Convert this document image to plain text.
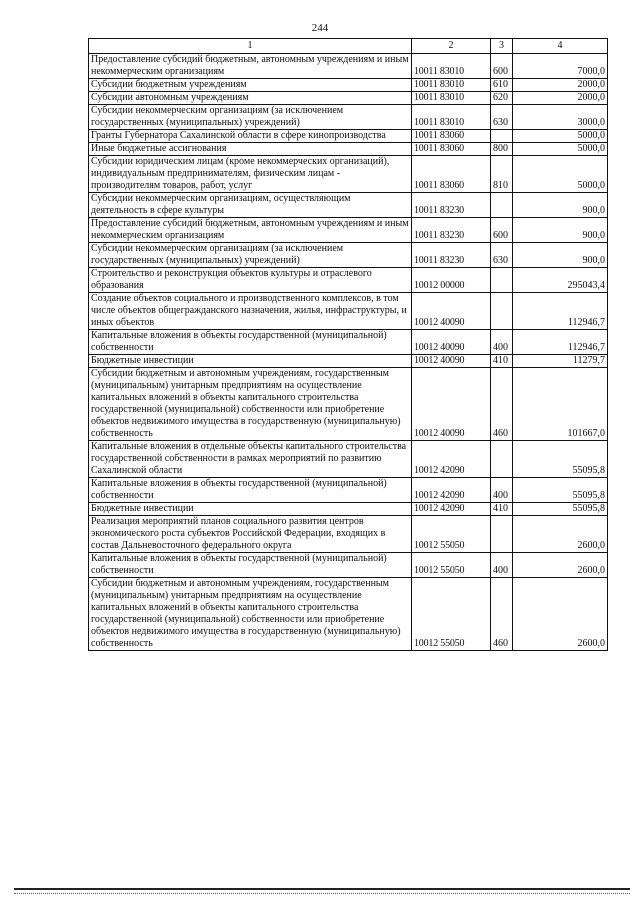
244
1	2	3	4
Предоставление субсидий бюджетным, автономным учреждениям и иным некоммерческим организациям	10011 83010	600	7000,0
Субсидии бюджетным учреждениям	10011 83010	610	2000,0
Субсидии автономным учреждениям	10011 83010	620	2000,0
Субсидии некоммерческим организациям (за исключением государственных (муниципальных) учреждений)	10011 83010	630	3000,0
Гранты Губернатора Сахалинской области в сфере кинопроизводства	10011 83060		5000,0
Иные бюджетные ассигнования	10011 83060	800	5000,0
Субсидии юридическим лицам (кроме некоммерческих организаций), индивидуальным предпринимателям, физическим лицам - производителям товаров, работ, услуг	10011 83060	810	5000,0
Субсидии некоммерческим организациям, осуществляющим деятельность в сфере культуры	10011 83230		900,0
Предоставление субсидий бюджетным, автономным учреждениям и иным некоммерческим организациям	10011 83230	600	900,0
Субсидии некоммерческим организациям (за исключением государственных (муниципальных) учреждений)	10011 83230	630	900,0
Строительство и реконструкция объектов культуры и отраслевого образования	10012 00000		295043,4
Создание объектов социального и производственного комплексов, в том числе объектов общегражданского назначения, жилья, инфраструктуры, и иных объектов	10012 40090		112946,7
Капитальные вложения в объекты государственной (муниципальной) собственности	10012 40090	400	112946,7
Бюджетные инвестиции	10012 40090	410	11279,7
Субсидии бюджетным и автономным учреждениям, государственным (муниципальным) унитарным предприятиям на осуществление капитальных вложений в объекты капитального строительства государственной (муниципальной) собственности или приобретение объектов недвижимого имущества в государственную (муниципальную) собственность	10012 40090	460	101667,0
Капитальные вложения в отдельные объекты капитального строительства государственной собственности в рамках мероприятий по развитию Сахалинской области	10012 42090		55095,8
Капитальные вложения в объекты государственной (муниципальной) собственности	10012 42090	400	55095,8
Бюджетные инвестиции	10012 42090	410	55095,8
Реализация мероприятий планов социального развития центров экономического роста субъектов Российской Федерации, входящих в состав Дальневосточного федерального округа	10012 55050		2600,0
Капитальные вложения в объекты государственной (муниципальной) собственности	10012 55050	400	2600,0
Субсидии бюджетным и автономным учреждениям, государственным (муниципальным) унитарным предприятиям на осуществление капитальных вложений в объекты капитального строительства государственной (муниципальной) собственности или приобретение объектов недвижимого имущества в государственную (муниципальную) собственность	10012 55050	460	2600,0
